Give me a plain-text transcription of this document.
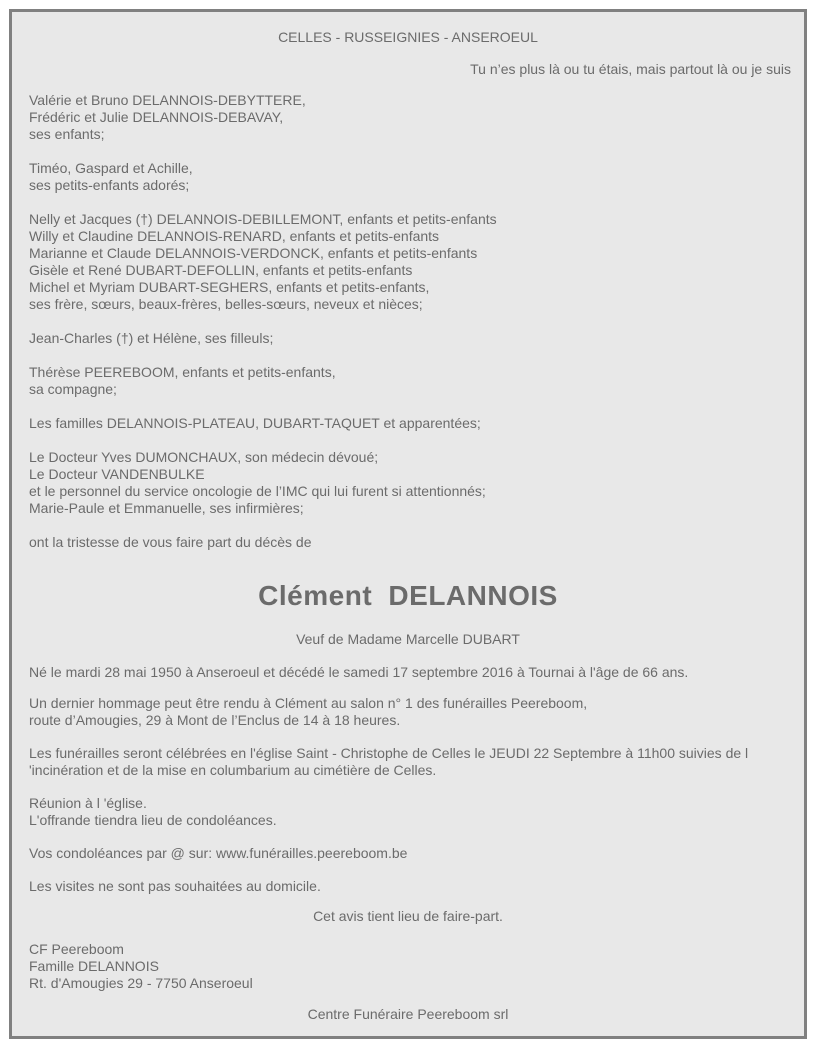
CELLES - RUSSEIGNIES - ANSEROEUL
Tu n’es plus là ou tu étais, mais partout là ou je suis
Valérie et Bruno DELANNOIS-DEBYTTERE,
Frédéric et Julie DELANNOIS-DEBAVAY,
ses enfants;
Timéo, Gaspard et Achille,
ses petits-enfants adorés;
Nelly et Jacques (†) DELANNOIS-DEBILLEMONT, enfants et petits-enfants
Willy et Claudine DELANNOIS-RENARD, enfants et petits-enfants
Marianne et Claude DELANNOIS-VERDONCK, enfants et petits-enfants
Gisèle et René DUBART-DEFOLLIN, enfants et petits-enfants
Michel et Myriam DUBART-SEGHERS, enfants et petits-enfants,
ses frère, sœurs, beaux-frères, belles-sœurs, neveux et nièces;
Jean-Charles (†) et Hélène, ses filleuls;
Thérèse PEEREBOOM, enfants et petits-enfants,
sa compagne;
Les familles DELANNOIS-PLATEAU, DUBART-TAQUET et apparentées;
Le Docteur Yves DUMONCHAUX, son médecin dévoué;
Le Docteur VANDENBULKE
et le personnel du service oncologie de l’IMC qui lui furent si attentionnés;
Marie-Paule et Emmanuelle, ses infirmières;
ont la tristesse de vous faire part du décès de
Clément DELANNOIS
Veuf de Madame Marcelle DUBART
Né le mardi 28 mai 1950 à Anseroeul et décédé le samedi 17 septembre 2016 à Tournai à l'âge de 66 ans.
Un dernier hommage peut être rendu à Clément au salon n° 1 des funérailles Peereboom,
route d’Amougies, 29 à Mont de l’Enclus de 14 à 18 heures.
Les funérailles seront célébrées en l'église Saint - Christophe de Celles le JEUDI 22 Septembre à 11h00 suivies de l
'incinération et de la mise en columbarium au cimétière de Celles.
Réunion à l 'église.
L'offrande tiendra lieu de condoléances.
Vos condoléances par @ sur: www.funérailles.peereboom.be
Les visites ne sont pas souhaitées au domicile.
Cet avis tient lieu de faire-part.
CF Peereboom
Famille DELANNOIS
Rt. d'Amougies 29 - 7750 Anseroeul
Centre Funéraire Peereboom srl
